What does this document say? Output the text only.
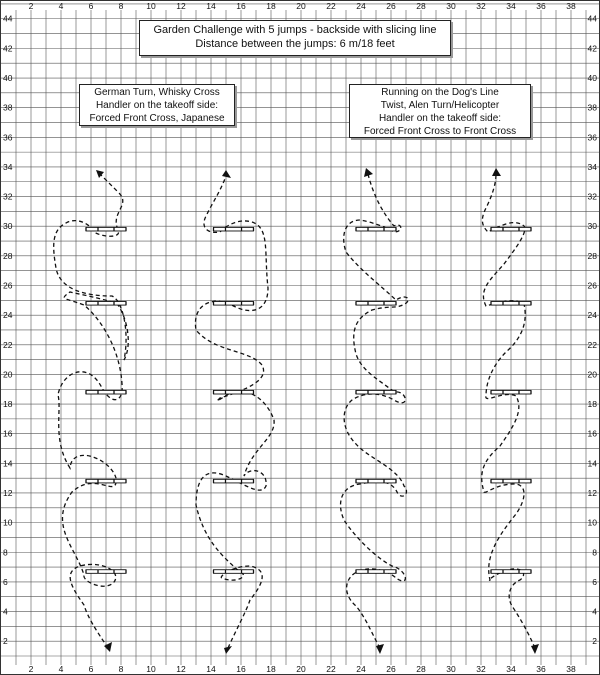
2
2
4
4
6
6
8
8
10
10
12
12
14
14
16
16
18
18
20
20
22
22
24
24
26
26
28
28
30
30
32
32
34
34
36
36
38
38
44	44
42	42
40	40
38	38
36	36
34	34
32	32
30	30
28	28
26	26
24	24
22	22
20	20
18	18
16	16
14	14
12	12
10	10
8	8
6	6
4	4
2	2
Garden Challenge with 5 jumps - backside with slicing line
Distance between the jumps: 6 m/18 feet
German Turn, Whisky Cross
Handler on the takeoff side:
Forced Front Cross, Japanese
Running on the Dog's Line
Twist, Alen Turn/Helicopter
Handler on the takeoff side:
Forced Front Cross to Front Cross
